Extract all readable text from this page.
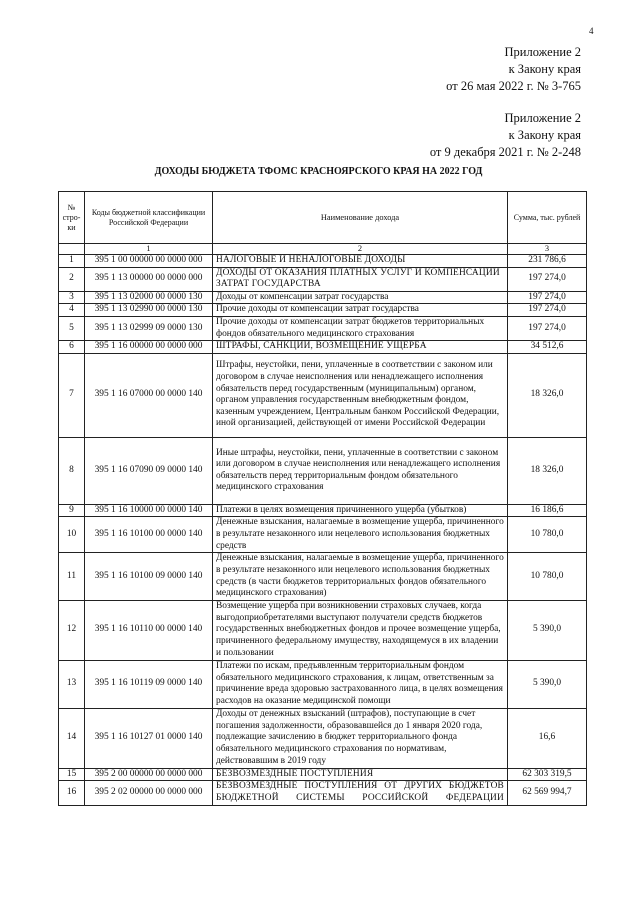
4
Приложение 2
к Закону края
от 26 мая 2022 г. № 3-765
Приложение 2
к Закону края
от 9 декабря 2021 г. № 2-248
ДОХОДЫ БЮДЖЕТА ТФОМС КРАСНОЯРСКОГО КРАЯ НА 2022 ГОД
№ стро-ки	Коды бюджетной классификации Российской Федерации	Наименование дохода	Сумма, тыс. рублей
	1	2	3
1	395 1 00 00000 00 0000 000	НАЛОГОВЫЕ И НЕНАЛОГОВЫЕ ДОХОДЫ	231 786,6
2	395 1 13 00000 00 0000 000	ДОХОДЫ ОТ ОКАЗАНИЯ ПЛАТНЫХ УСЛУГ И КОМПЕНСАЦИИ ЗАТРАТ ГОСУДАРСТВА	197 274,0
3	395 1 13 02000 00 0000 130	Доходы от компенсации затрат государства	197 274,0
4	395 1 13 02990 00 0000 130	Прочие доходы от компенсации затрат государства	197 274,0
5	395 1 13 02999 09 0000 130	Прочие доходы от компенсации затрат бюджетов территориальных фондов обязательного медицинского страхования	197 274,0
6	395 1 16 00000 00 0000 000	ШТРАФЫ, САНКЦИИ, ВОЗМЕЩЕНИЕ УЩЕРБА	34 512,6
7	395 1 16 07000 00 0000 140	Штрафы, неустойки, пени, уплаченные в соответствии с законом или договором в случае неисполнения или ненадлежащего исполнения обязательств перед государственным (муниципальным) органом, органом управления государственным внебюджетным фондом, казенным учреждением, Центральным банком Российской Федерации, иной организацией, действующей от имени Российской Федерации	18 326,0
8	395 1 16 07090 09 0000 140	Иные штрафы, неустойки, пени, уплаченные в соответствии с законом или договором в случае неисполнения или ненадлежащего исполнения обязательств перед территориальным фондом обязательного медицинского страхования	18 326,0
9	395 1 16 10000 00 0000 140	Платежи в целях возмещения причиненного ущерба (убытков)	16 186,6
10	395 1 16 10100 00 0000 140	Денежные взыскания, налагаемые в возмещение ущерба, причиненного в результате незаконного или нецелевого использования бюджетных средств	10 780,0
11	395 1 16 10100 09 0000 140	Денежные взыскания, налагаемые в возмещение ущерба, причиненного в результате незаконного или нецелевого использования бюджетных средств (в части бюджетов территориальных фондов обязательного медицинского страхования)	10 780,0
12	395 1 16 10110 00 0000 140	Возмещение ущерба при возникновении страховых случаев, когда выгодоприобретателями выступают получатели средств бюджетов государственных внебюджетных фондов и прочее возмещение ущерба, причиненного федеральному имуществу, находящемуся в их владении и пользовании	5 390,0
13	395 1 16 10119 09 0000 140	Платежи по искам, предъявленным территориальным фондом обязательного медицинского страхования, к лицам, ответственным за причинение вреда здоровью застрахованного лица, в целях возмещения расходов на оказание медицинской помощи	5 390,0
14	395 1 16 10127 01 0000 140	Доходы от денежных взысканий (штрафов), поступающие в счет погашения задолженности, образовавшейся до 1 января 2020 года, подлежащие зачислению в бюджет территориального фонда обязательного медицинского страхования по нормативам, действовавшим в 2019 году	16,6
15	395 2 00 00000 00 0000 000	БЕЗВОЗМЕЗДНЫЕ ПОСТУПЛЕНИЯ	62 303 319,5
16	395 2 02 00000 00 0000 000	БЕЗВОЗМЕЗДНЫЕ ПОСТУПЛЕНИЯ ОТ ДРУГИХ БЮДЖЕТОВ БЮДЖЕТНОЙ СИСТЕМЫ РОССИЙСКОЙ ФЕДЕРАЦИИ	62 569 994,7
